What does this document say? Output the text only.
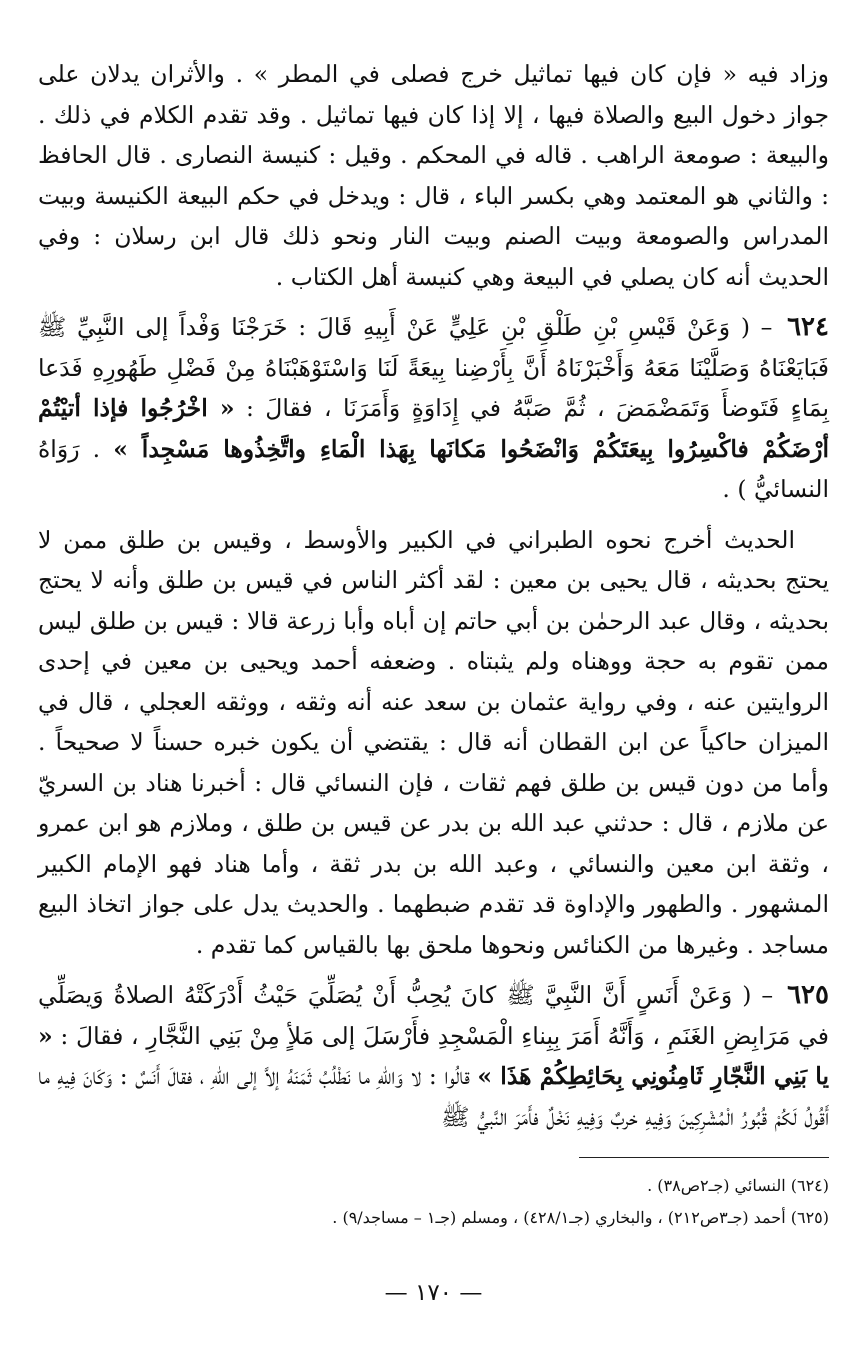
وزاد فيه « فإن كان فيها تماثيل خرج فصلى في المطر » . والأثران يدلان على جواز دخول البيع والصلاة فيها ، إلا إذا كان فيها تماثيل . وقد تقدم الكلام في ذلك . والبيعة : صومعة الراهب . قاله في المحكم . وقيل : كنيسة النصارى . قال الحافظ : والثاني هو المعتمد وهي بكسر الباء ، قال : ويدخل في حكم البيعة الكنيسة وبيت المدراس والصومعة وبيت الصنم وبيت النار ونحو ذلك قال ابن رسلان : وفي الحديث أنه كان يصلي في البيعة وهي كنيسة أهل الكتاب .

٦٢٤ – ( وَعَنْ قَيْسِ بْنِ طَلْقِ بْنِ عَلِيٍّ عَنْ أَبِيهِ قَالَ : خَرَجْنَا وَفْداً إلى النَّبِيِّ ﷺ فَبَايَعْنَاهُ وَصَلَّيْنَا مَعَهُ وَأَخْبَرْنَاهُ أَنَّ بِأَرْضِنا بِيعَةً لَنَا وَاسْتَوْهَبْنَاهُ مِنْ فَضْلِ طَهُورِهِ فَدَعا بِمَاءٍ فَتَوضأَ وَتَمَضْمَضَ ، ثُمَّ صَبَّهُ في إِدَاوَةٍ وَأَمَرَنَا ، فقالَ : « اخْرُجُوا فإذا أتيْتُمْ أرْضَكُمْ فاكْسِرُوا بِيعَتَكُمْ وَانْضَحُوا مَكانَها بِهَذا الْمَاءِ واتَّخِذُوها مَسْجِداً » . رَوَاهُ النسائيُّ ) .

الحديث أخرج نحوه الطبراني في الكبير والأوسط ، وقيس بن طلق ممن لا يحتج بحديثه ، قال يحيى بن معين : لقد أكثر الناس في قيس بن طلق وأنه لا يحتج بحديثه ، وقال عبد الرحمٰن بن أبي حاتم إن أباه وأبا زرعة قالا : قيس بن طلق ليس ممن تقوم به حجة ووهناه ولم يثبتاه . وضعفه أحمد ويحيى بن معين في إحدى الروايتين عنه ، وفي رواية عثمان بن سعد عنه أنه وثقه ، ووثقه العجلي ، قال في الميزان حاكياً عن ابن القطان أنه قال : يقتضي أن يكون خبره حسناً لا صحيحاً . وأما من دون قيس بن طلق فهم ثقات ، فإن النسائي قال : أخبرنا هناد بن السريّ عن ملازم ، قال : حدثني عبد الله بن بدر عن قيس بن طلق ، وملازم هو ابن عمرو ، وثقة ابن معين والنسائي ، وعبد الله بن بدر ثقة ، وأما هناد فهو الإمام الكبير المشهور . والطهور والإداوة قد تقدم ضبطهما . والحديث يدل على جواز اتخاذ البيع مساجد . وغيرها من الكنائس ونحوها ملحق بها بالقياس كما تقدم .

٦٢٥ – ( وَعَنْ أَنَسٍ أَنَّ النَّبِيَّ ﷺ كانَ يُحِبُّ أَنْ يُصَلِّيَ حَيْثُ أَدْرَكَتْهُ الصلاةُ وَيصَلِّي في مَرَابِضِ الغَنَمِ ، وَأَنَّهُ أَمَرَ بِبِناءِ الْمَسْجِدِ فأَرْسَلَ إلى مَلأٍ مِنْ بَنِي النَّجَّارِ ، فقالَ : « يا بَنِي النَّجّارِ ثَامِنُونِي بِحَائِطِكُمْ هَذَا » قالُوا : لا وَاللهِ ما نَطْلُبُ ثَمَنَهُ إلاَّ إلى اللهِ ، فقالَ أَنَسٌ : وَكَانَ فِيهِ ما أَقُولُ لَكُمْ قُبُورُ الْمُشْرِكِينَ وَفِيهِ خربٌ وَفِيهِ نَخْلٌ فأَمَرَ النَّبيُّ ﷺ

(٦٢٤) النسائي (جـ٢ص٣٨) .

(٦٢٥) أحمد (جـ٣ص٢١٢) ، والبخاري (جـ٤٢٨/١) ، ومسلم (جـ١ – مساجد/٩) .

— ١٧٠ —
